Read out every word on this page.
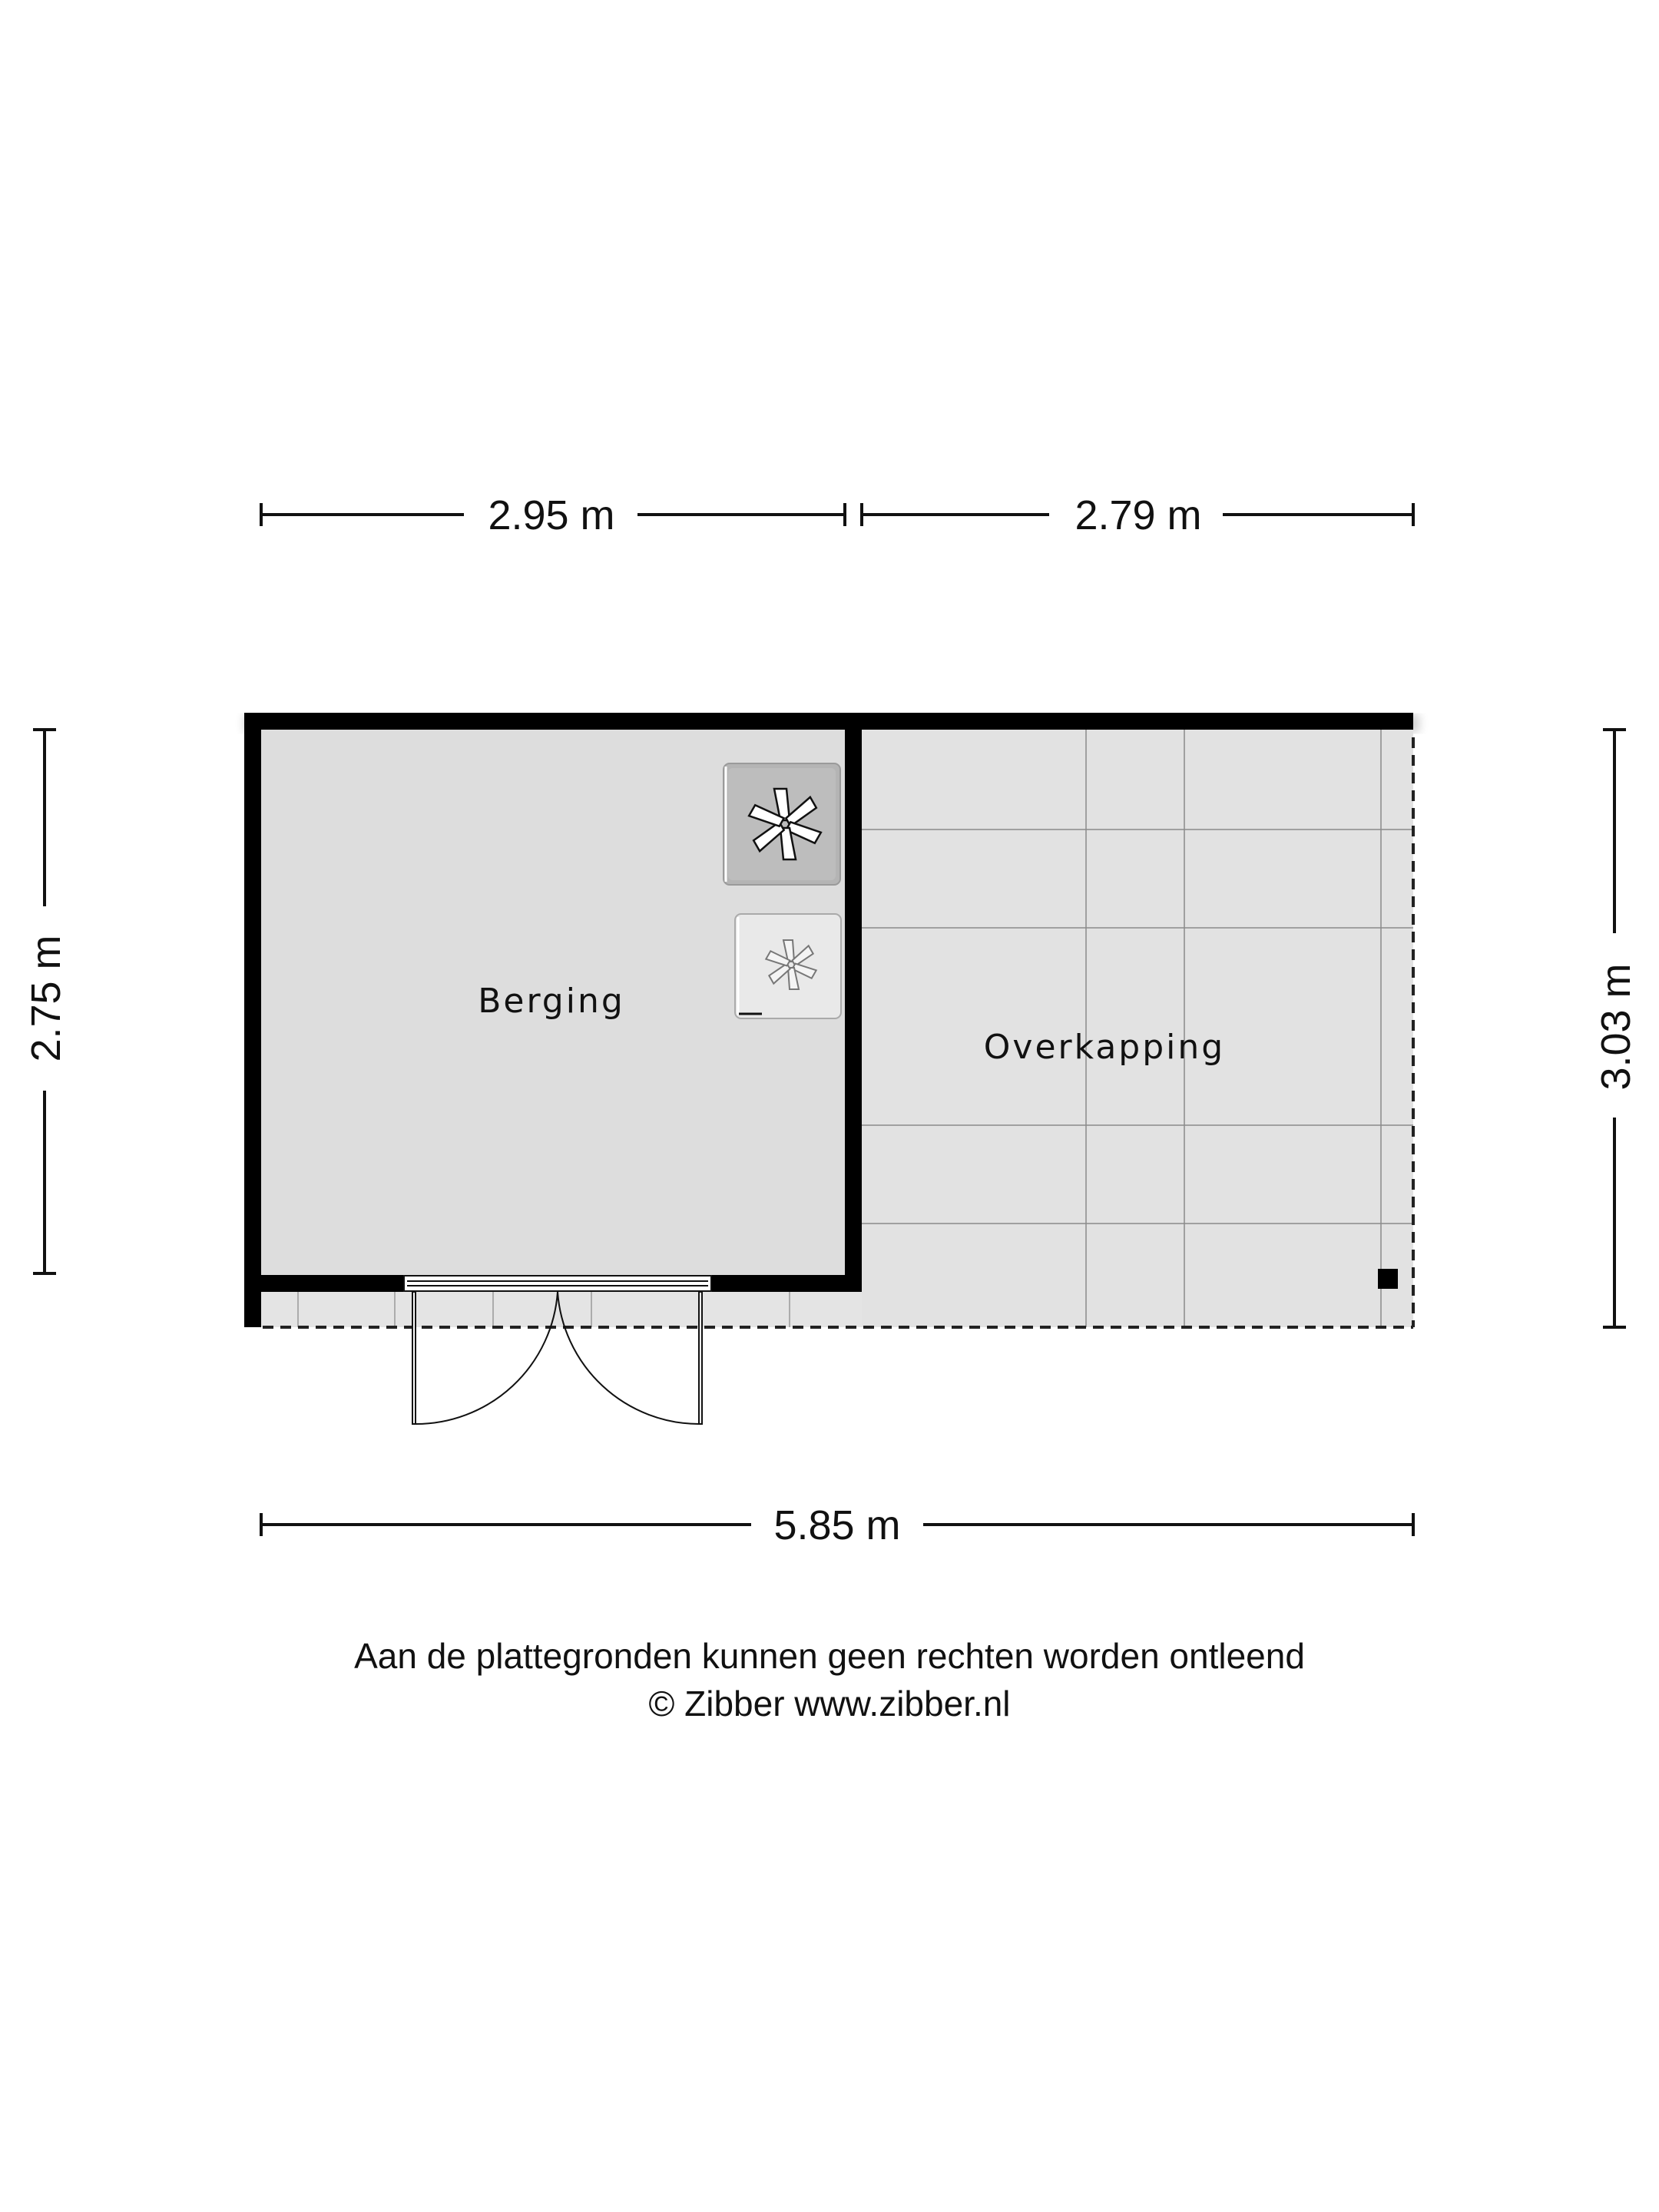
2.95 m	2.79 m
2.75 m	3.03 m
5.85 m
Berging
Overkapping
Aan de plattegronden kunnen geen rechten worden ontleend
© Zibber www.zibber.nl
